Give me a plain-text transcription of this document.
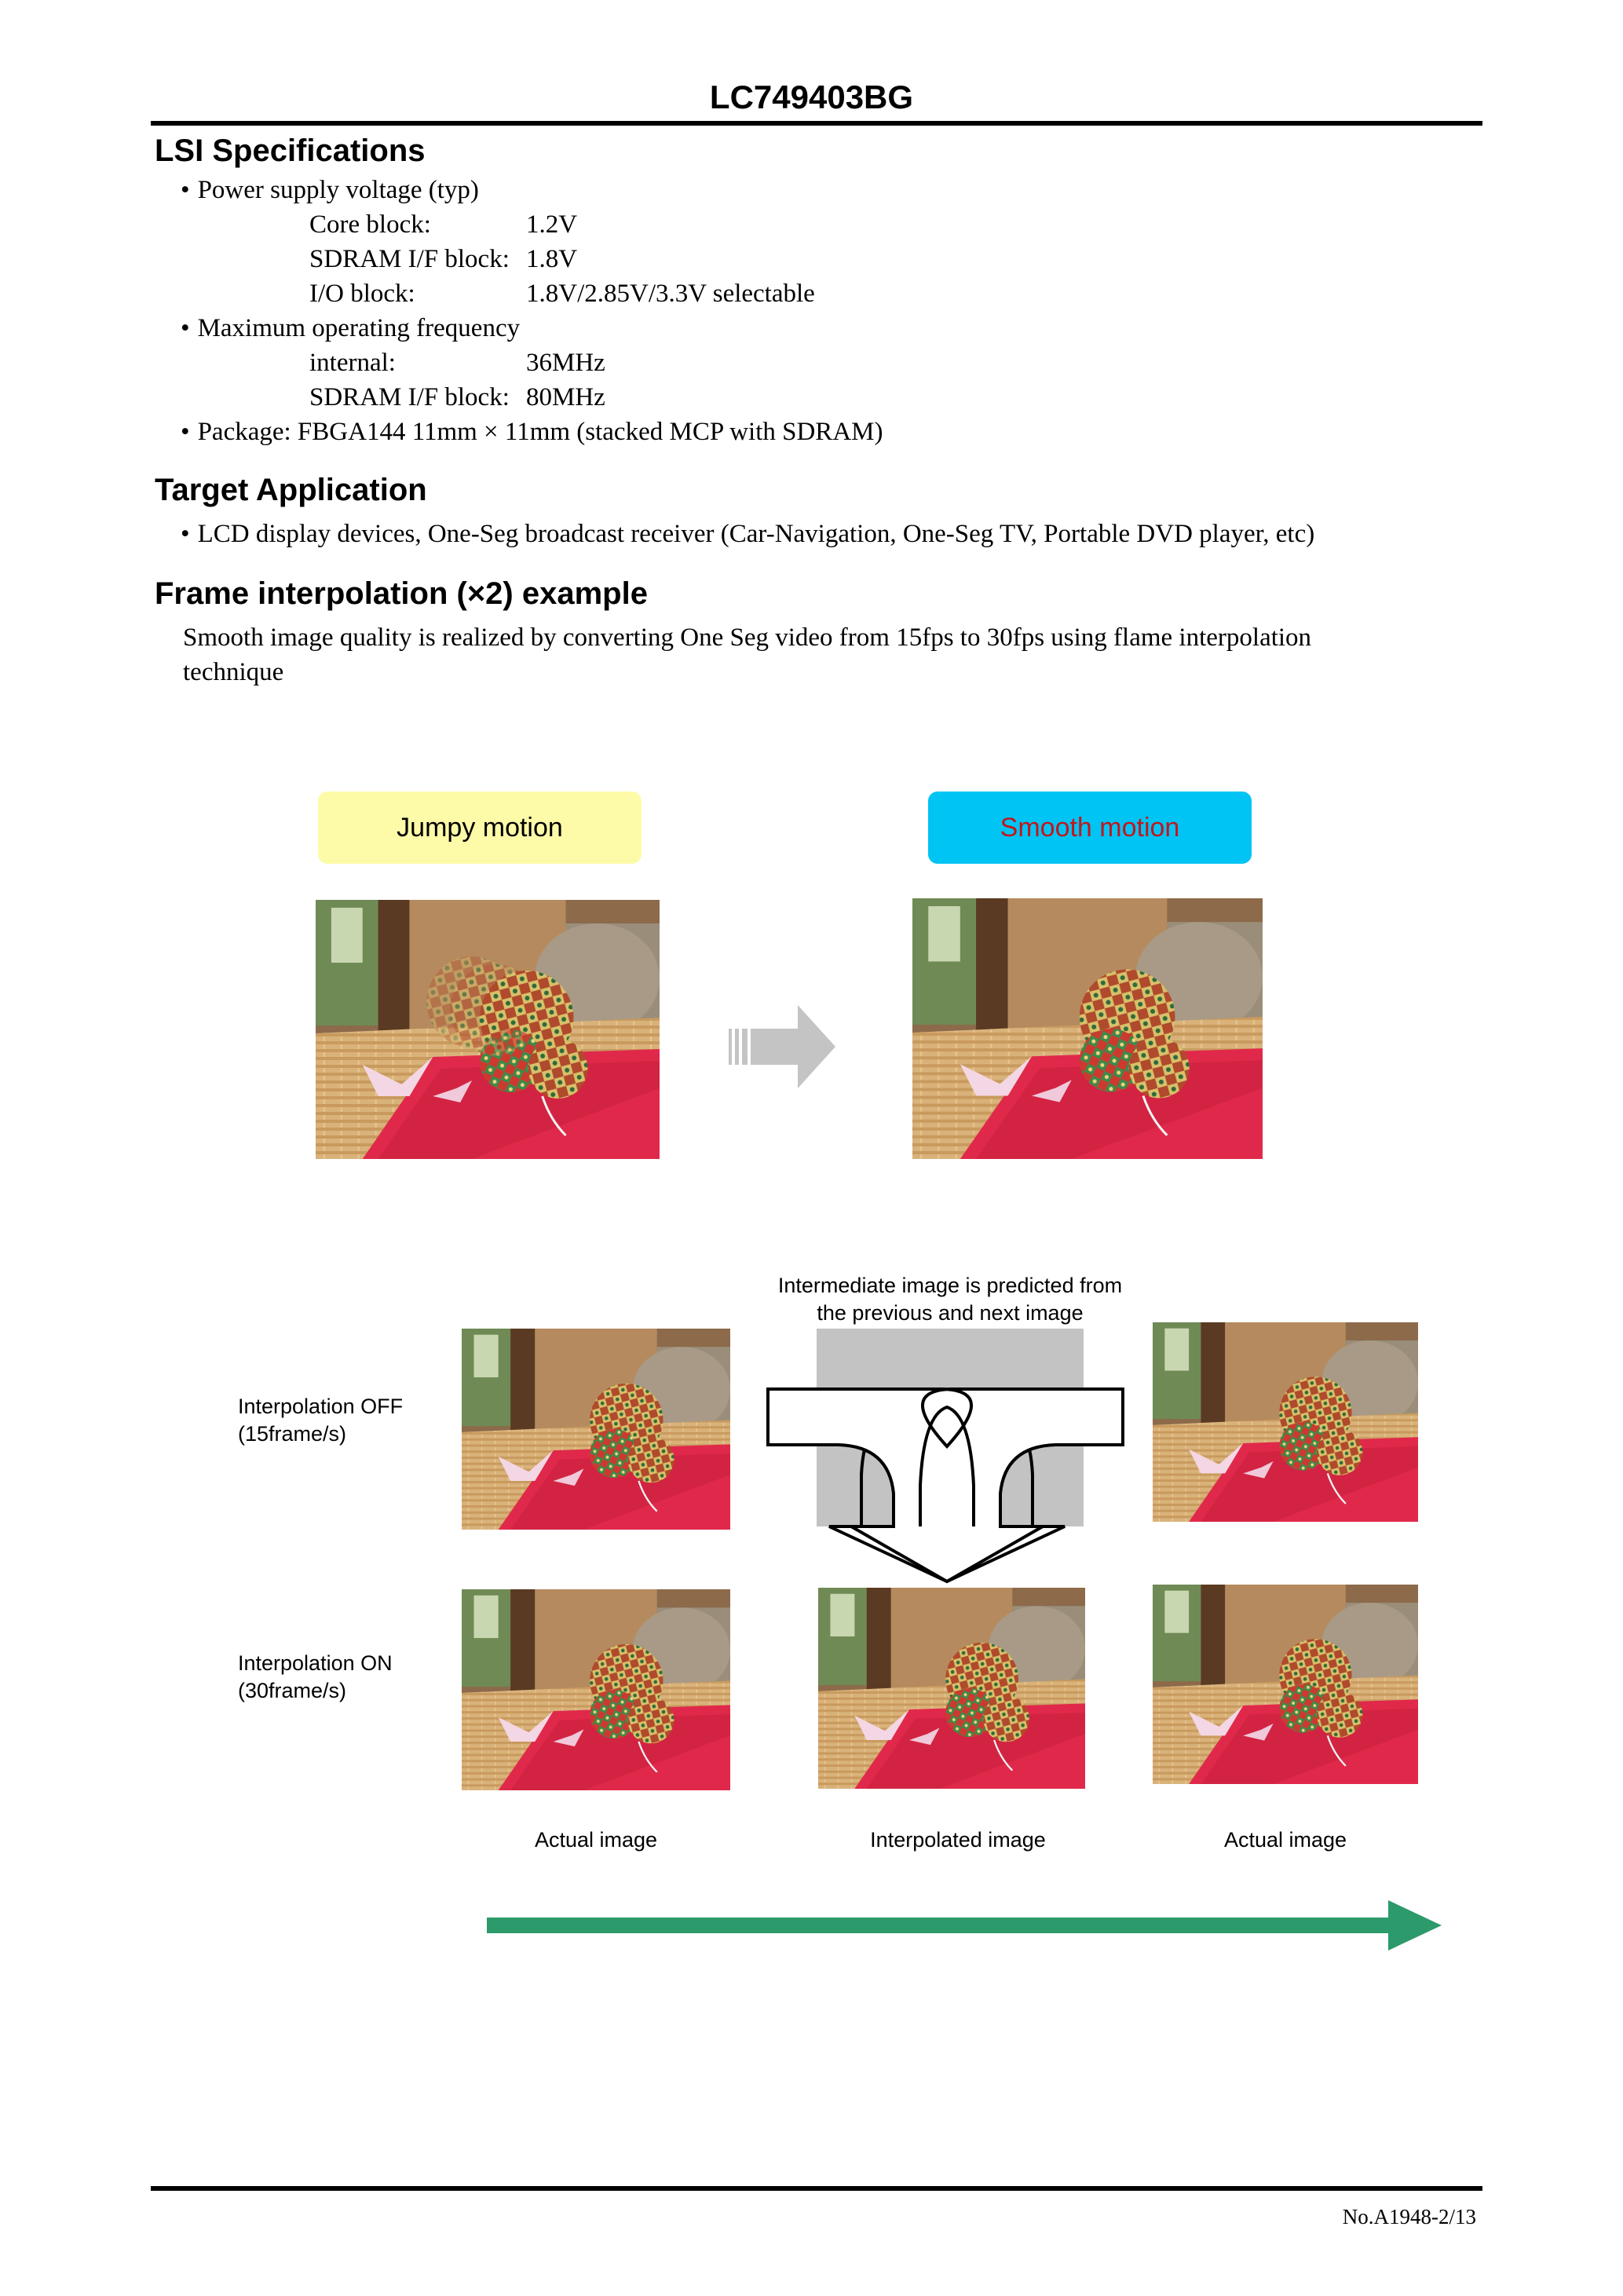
LC749403BG
LSI Specifications
• Power supply voltage (typ)
Core block:	1.2V
SDRAM I/F block: 1.8V
I/O block:	1.8V/2.85V/3.3V selectable
• Maximum operating frequency
internal:	36MHz
SDRAM I/F block: 80MHz
• Package: FBGA144 11mm × 11mm (stacked MCP with SDRAM)
Target Application
• LCD display devices, One-Seg broadcast receiver (Car-Navigation, One-Seg TV, Portable DVD player, etc)
Frame interpolation (×2) example
Smooth image quality is realized by converting One Seg video from 15fps to 30fps using flame interpolation
technique
Jumpy motion	Smooth motion
Intermediate image is predicted from
the previous and next image
Interpolation OFF
(15frame/s)
Interpolation ON
(30frame/s)
Actual image	Interpolated image	Actual image
No.A1948-2/13
